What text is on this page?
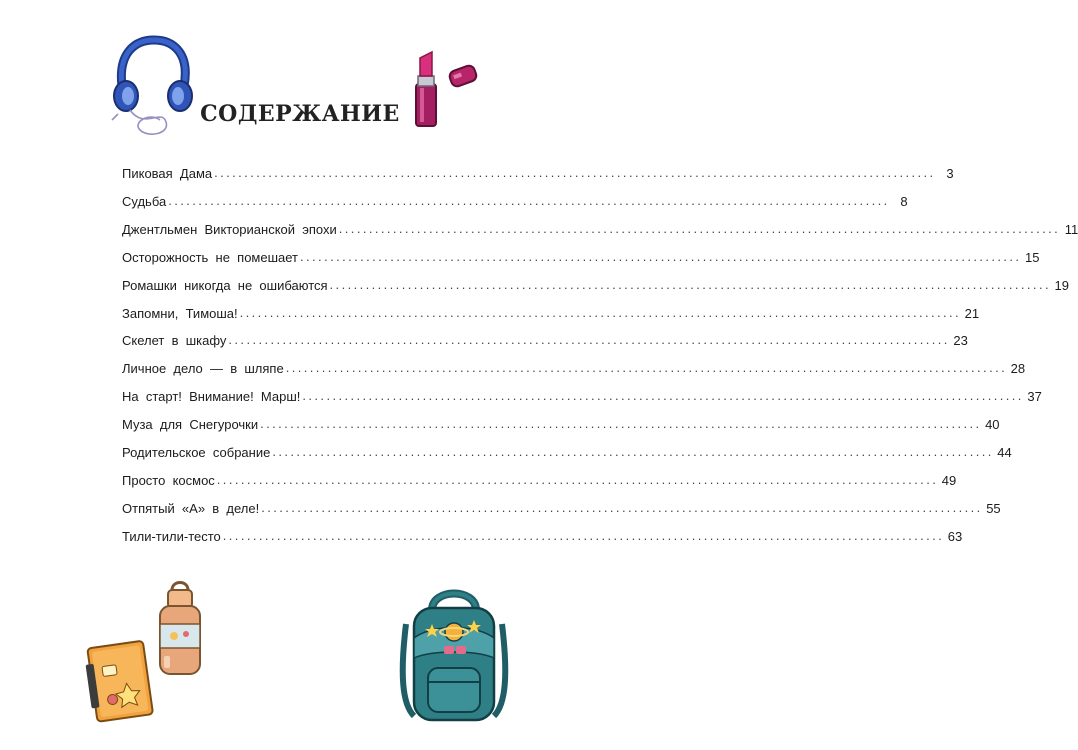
СОДЕРЖАНИЕ
Пиковая  Дама ........................................................................................................................ 3
Судьба ........................................................................................................................ 8
Джентльмен  Викторианской  эпохи ........................................................................................................................ 11
Осторожность  не  помешает ........................................................................................................................ 15
Ромашки  никогда  не  ошибаются ........................................................................................................................ 19
Запомни,  Тимоша! ........................................................................................................................ 21
Скелет  в  шкафу ........................................................................................................................ 23
Личное  дело  —  в  шляпе ........................................................................................................................ 28
На  старт!  Внимание!  Марш! ........................................................................................................................ 37
Муза  для  Снегурочки ........................................................................................................................ 40
Родительское  собрание ........................................................................................................................ 44
Просто  космос ........................................................................................................................ 49
Отпятый  «А»  в  деле! ........................................................................................................................ 55
Тили-тили-тесто ........................................................................................................................ 63
